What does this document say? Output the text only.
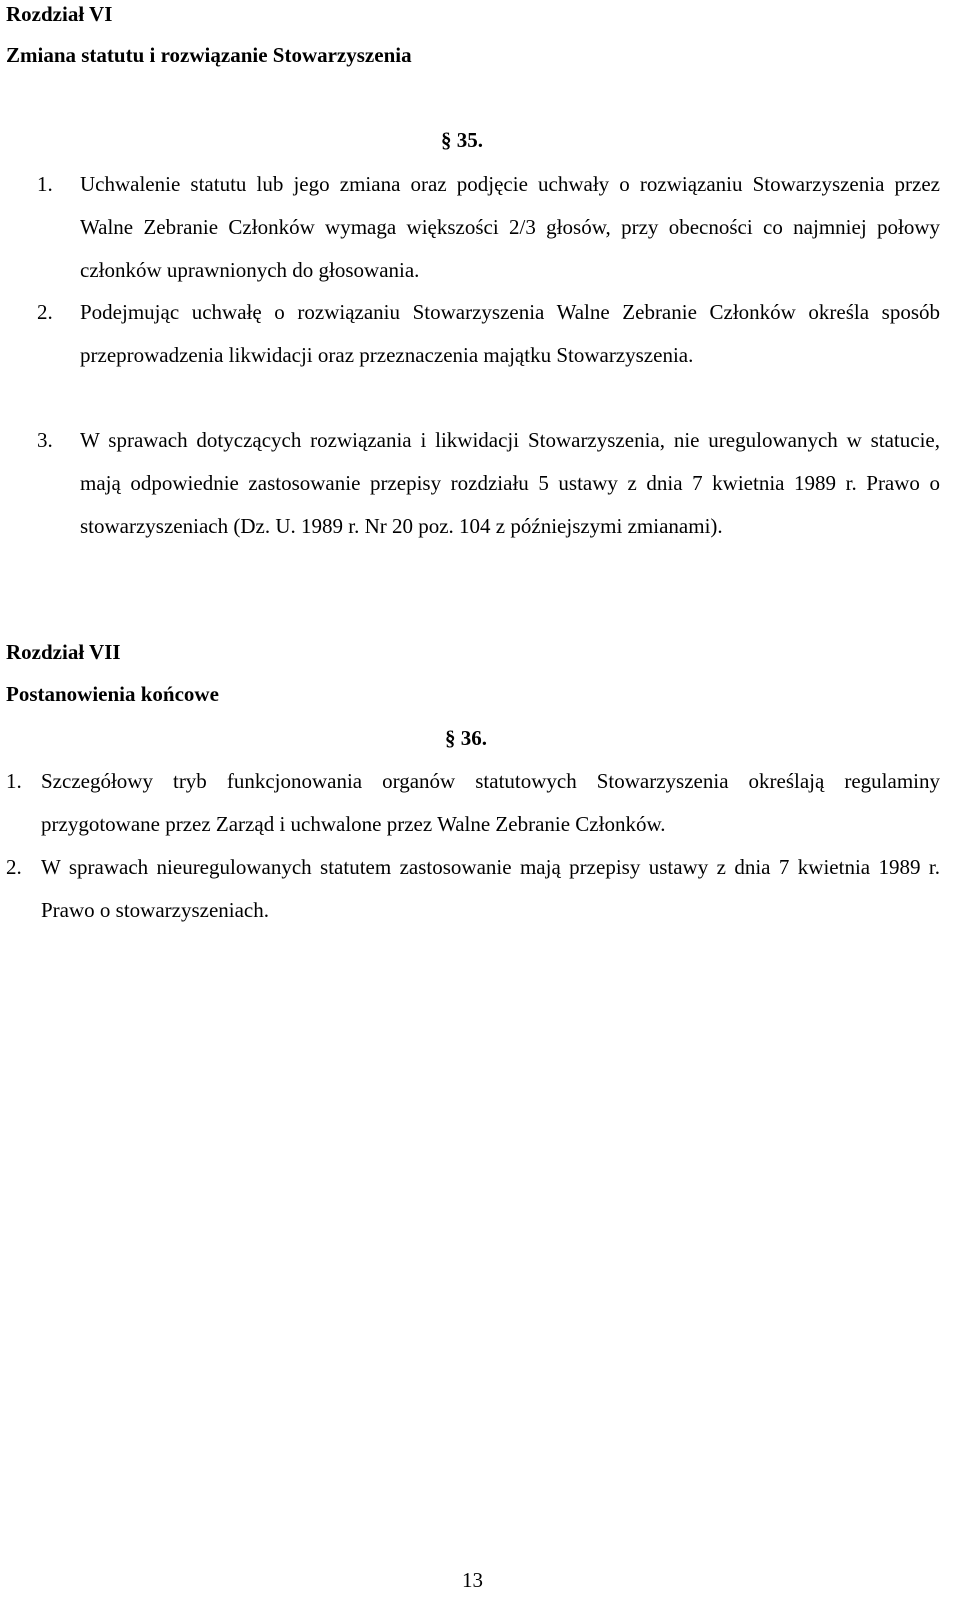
Rozdział VI
Zmiana statutu i rozwiązanie Stowarzyszenia
§ 35.
1. Uchwalenie statutu lub jego zmiana oraz podjęcie uchwały o rozwiązaniu Stowarzyszenia przez Walne Zebranie Członków wymaga większości 2/3 głosów, przy obecności co najmniej połowy członków uprawnionych do głosowania.
2. Podejmując uchwałę o rozwiązaniu Stowarzyszenia Walne Zebranie Członków określa sposób przeprowadzenia likwidacji oraz przeznaczenia majątku Stowarzyszenia.
3. W sprawach dotyczących rozwiązania i likwidacji Stowarzyszenia, nie uregulowanych w statucie, mają odpowiednie zastosowanie przepisy rozdziału 5 ustawy z dnia 7 kwietnia 1989 r. Prawo o stowarzyszeniach (Dz. U. 1989 r. Nr 20 poz. 104 z późniejszymi zmianami).
Rozdział VII
Postanowienia końcowe
§ 36.
1. Szczegółowy tryb funkcjonowania organów statutowych Stowarzyszenia określają regulaminy przygotowane przez Zarząd i uchwalone przez Walne Zebranie Członków.
2. W sprawach nieuregulowanych statutem zastosowanie mają przepisy ustawy z dnia 7 kwietnia 1989 r. Prawo o stowarzyszeniach.
13
